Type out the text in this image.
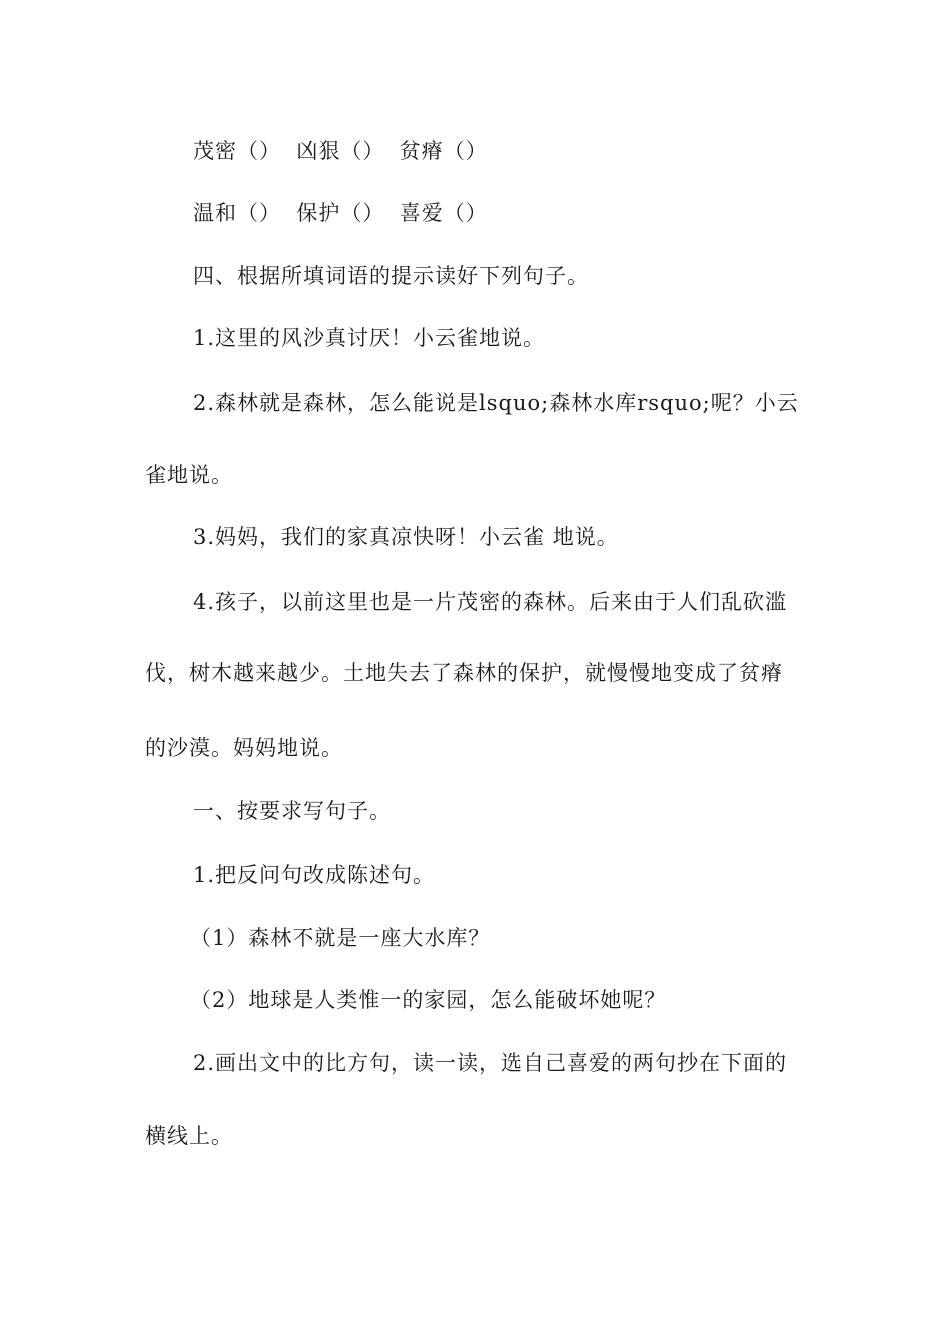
茂密（）  凶狠（）  贫瘠（）
温和（）  保护（）  喜爱（）
四、根据所填词语的提示读好下列句子。
1.这里的风沙真讨厌！小云雀地说。
2.森林就是森林，怎么能说是lsquo;森林水库rsquo;呢？小云
雀地说。
3.妈妈，我们的家真凉快呀！小云雀 地说。
4.孩子，以前这里也是一片茂密的森林。后来由于人们乱砍滥
伐，树木越来越少。土地失去了森林的保护，就慢慢地变成了贫瘠
的沙漠。妈妈地说。
一、按要求写句子。
1.把反问句改成陈述句。
（1）森林不就是一座大水库？
（2）地球是人类惟一的家园，怎么能破坏她呢？
2.画出文中的比方句，读一读，选自己喜爱的两句抄在下面的
横线上。
